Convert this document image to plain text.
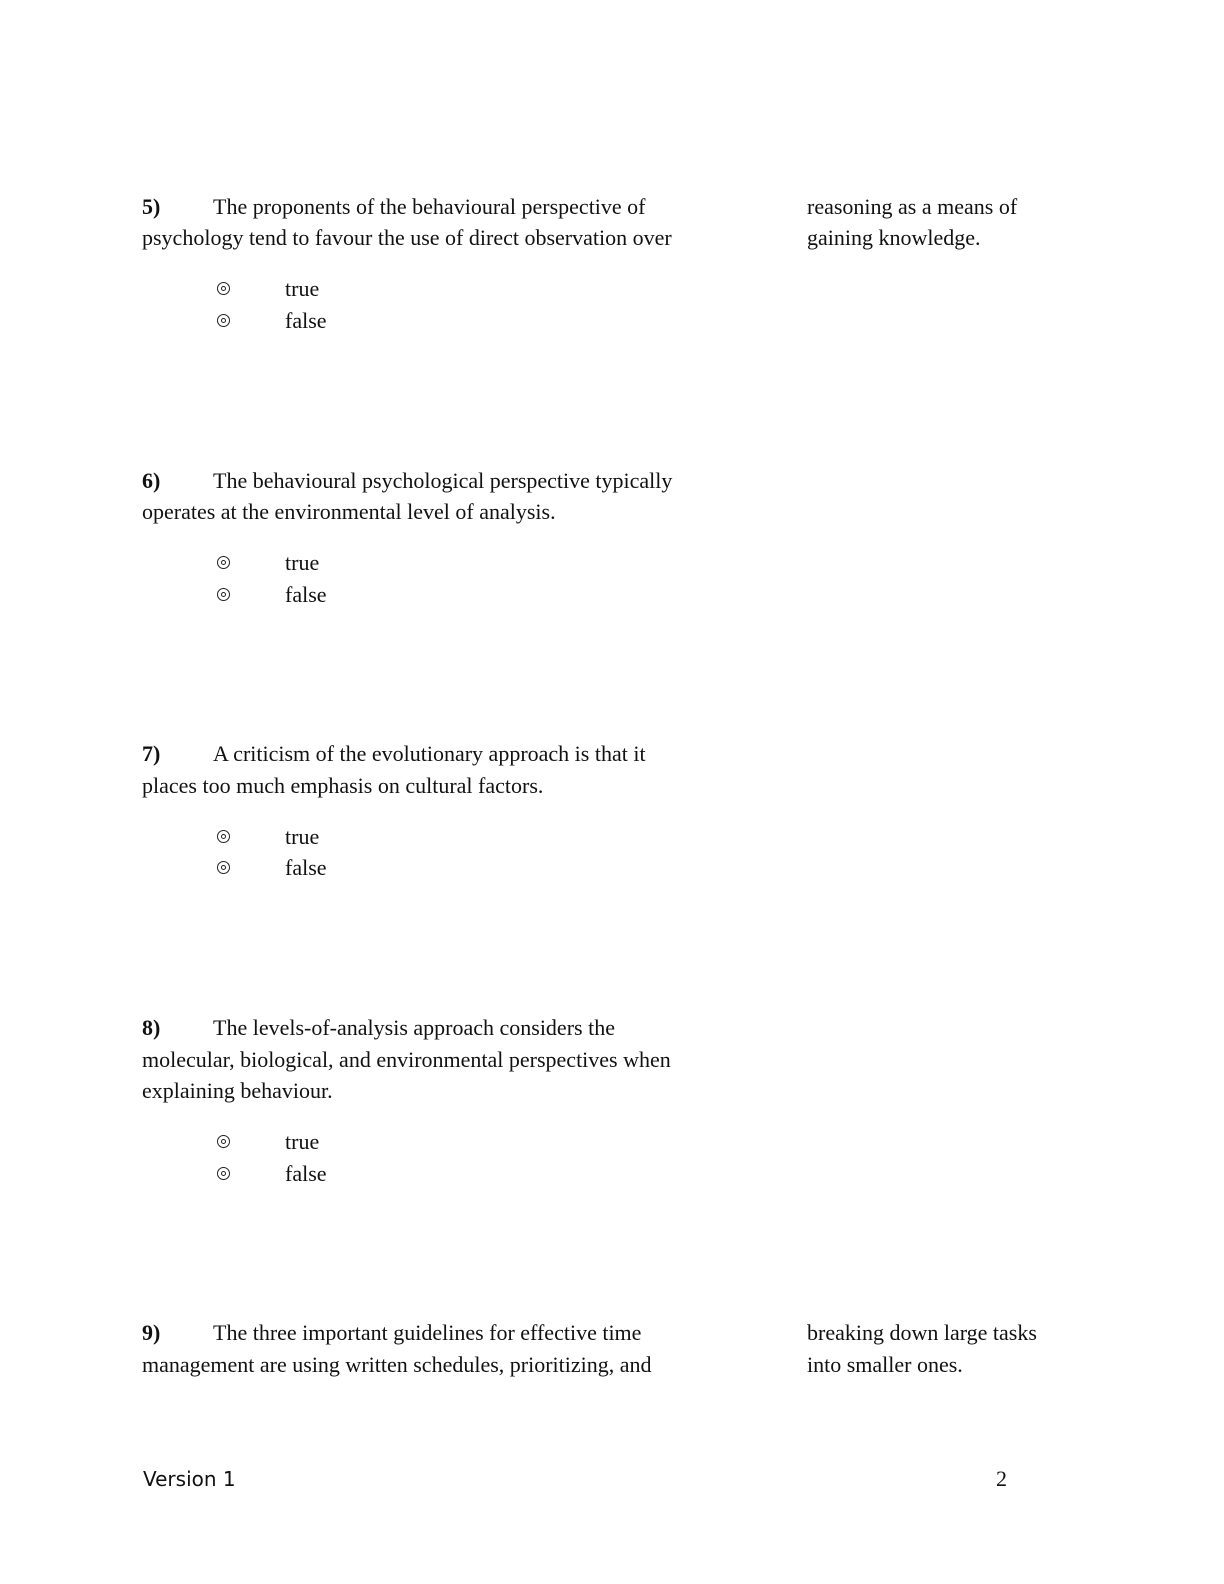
5) The proponents of the behavioural perspective of
psychology tend to favour the use of direct observation over
reasoning as a means of
gaining knowledge.
true
false
6) The behavioural psychological perspective typically
operates at the environmental level of analysis.
true
false
7) A criticism of the evolutionary approach is that it
places too much emphasis on cultural factors.
true
false
8) The levels-of-analysis approach considers the
molecular, biological, and environmental perspectives when
explaining behaviour.
true
false
9) The three important guidelines for effective time
management are using written schedules, prioritizing, and
breaking down large tasks
into smaller ones.
Version 1	2
